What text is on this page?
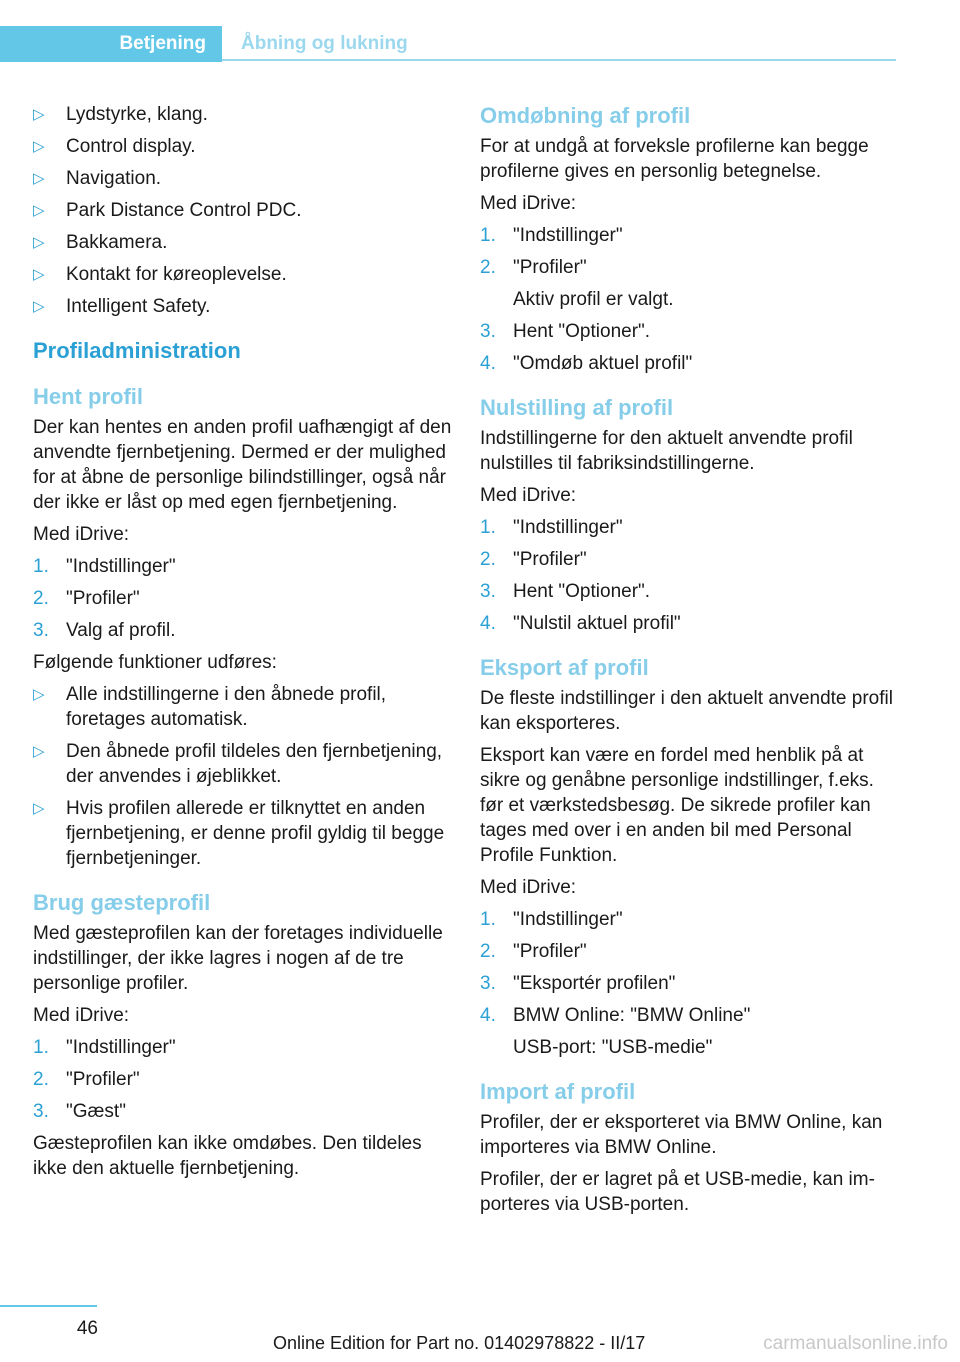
Betjening	Åbning og lukning
▷ Lydstyrke, klang.
▷ Control display.
▷ Navigation.
▷ Park Distance Control PDC.
▷ Bakkamera.
▷ Kontakt for køreoplevelse.
▷ Intelligent Safety.
Profiladministration
Hent profil

Der kan hentes en anden profil uafhængigt af den anvendte fjernbetjening. Dermed er der mulighed for at åbne de personlige bilindstillinger, også når der ikke er låst op med egen fjernbetjening.

Med iDrive:

1. "Indstillinger"
2. "Profiler"
3. Valg af profil.

Følgende funktioner udføres:

▷ Alle indstillingerne i den åbnede profil, foretages automatisk.
▷ Den åbnede profil tildeles den fjernbetjening, der anvendes i øjeblikket.
▷ Hvis profilen allerede er tilknyttet en anden fjernbetjening, er denne profil gyldig til begge fjernbetjeninger.
Brug gæsteprofil

Med gæsteprofilen kan der foretages individuelle indstillinger, der ikke lagres i nogen af de tre personlige profiler.

Med iDrive:

1. "Indstillinger"
2. "Profiler"
3. "Gæst"

Gæsteprofilen kan ikke omdøbes. Den tildeles ikke den aktuelle fjernbetjening.

Omdøbning af profil

For at undgå at forveksle profilerne kan begge profilerne gives en personlig betegnelse.

Med iDrive:

1. "Indstillinger"
2. "Profiler"
Aktiv profil er valgt.
3. Hent "Optioner".
4. "Omdøb aktuel profil"
Nulstilling af profil

Indstillingerne for den aktuelt anvendte profil nulstilles til fabriksindstillingerne.

Med iDrive:

1. "Indstillinger"
2. "Profiler"
3. Hent "Optioner".
4. "Nulstil aktuel profil"
Eksport af profil

De fleste indstillinger i den aktuelt anvendte profil kan eksporteres.

Eksport kan være en fordel med henblik på at sikre og genåbne personlige indstillinger, f.eks. før et værkstedsbesøg. De sikrede profiler kan tages med over i en anden bil med Personal Profile Funktion.

Med iDrive:

1. "Indstillinger"
2. "Profiler"
3. "Eksportér profilen"
4. BMW Online: "BMW Online"
USB-port: "USB-medie"
Import af profil

Profiler, der er eksporteret via BMW Online, kan importeres via BMW Online.

Profiler, der er lagret på et USB-medie, kan importeres via USB-porten.

46
Online Edition for Part no. 01402978822 - II/17	carmanualsonline.info
